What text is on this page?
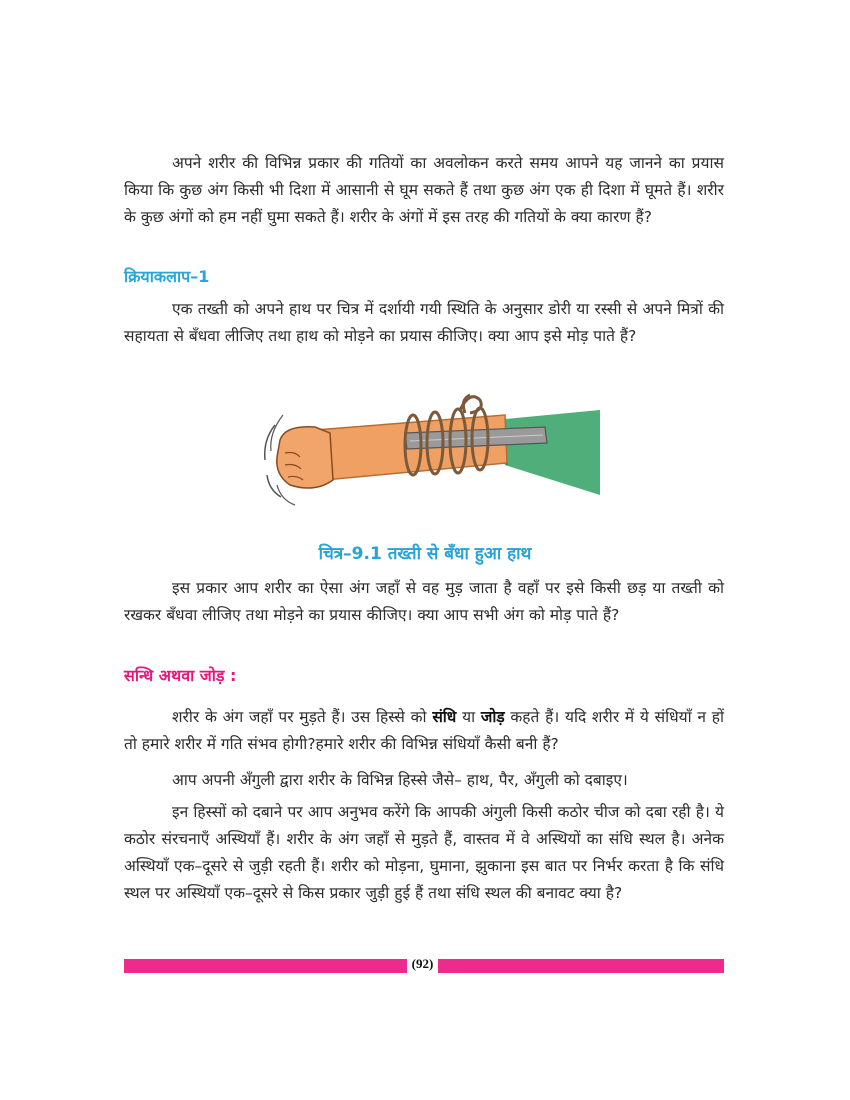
अपने शरीर की विभिन्न प्रकार की गतियों का अवलोकन करते समय आपने यह जानने का प्रयास किया कि कुछ अंग किसी भी दिशा में आसानी से घूम सकते हैं तथा कुछ अंग एक ही दिशा में घूमते हैं। शरीर के कुछ अंगों को हम नहीं घुमा सकते हैं। शरीर के अंगों में इस तरह की गतियों के क्या कारण हैं?

क्रियाकलाप–1

एक तख्ती को अपने हाथ पर चित्र में दर्शायी गयी स्थिति के अनुसार डोरी या रस्सी से अपने मित्रों की सहायता से बँधवा लीजिए तथा हाथ को मोड़ने का प्रयास कीजिए। क्या आप इसे मोड़ पाते हैं?

चित्र–9.1 तख्ती से बँधा हुआ हाथ

इस प्रकार आप शरीर का ऐसा अंग जहाँ से वह मुड़ जाता है वहाँ पर इसे किसी छड़ या तख्ती को रखकर बँधवा लीजिए तथा मोड़ने का प्रयास कीजिए। क्या आप सभी अंग को मोड़ पाते हैं?

सन्धि अथवा जोड़ :

शरीर के अंग जहाँ पर मुड़ते हैं। उस हिस्से को संधि या जोड़ कहते हैं। यदि शरीर में ये संधियाँ न हों तो हमारे शरीर में गति संभव होगी?हमारे शरीर की विभिन्न संधियाँ कैसी बनी हैं?

आप अपनी अँगुली द्वारा शरीर के विभिन्न हिस्से जैसे– हाथ, पैर, अँगुली को दबाइए।

इन हिस्सों को दबाने पर आप अनुभव करेंगे कि आपकी अंगुली किसी कठोर चीज को दबा रही है। ये कठोर संरचनाएँ अस्थियाँ हैं। शरीर के अंग जहाँ से मुड़ते हैं, वास्तव में वे अस्थियों का संधि स्थल है। अनेक अस्थियाँ एक–दूसरे से जुड़ी रहती हैं। शरीर को मोड़ना, घुमाना, झुकाना इस बात पर निर्भर करता है कि संधि स्थल पर अस्थियाँ एक–दूसरे से किस प्रकार जुड़ी हुई हैं तथा संधि स्थल की बनावट क्या है?

(92)
